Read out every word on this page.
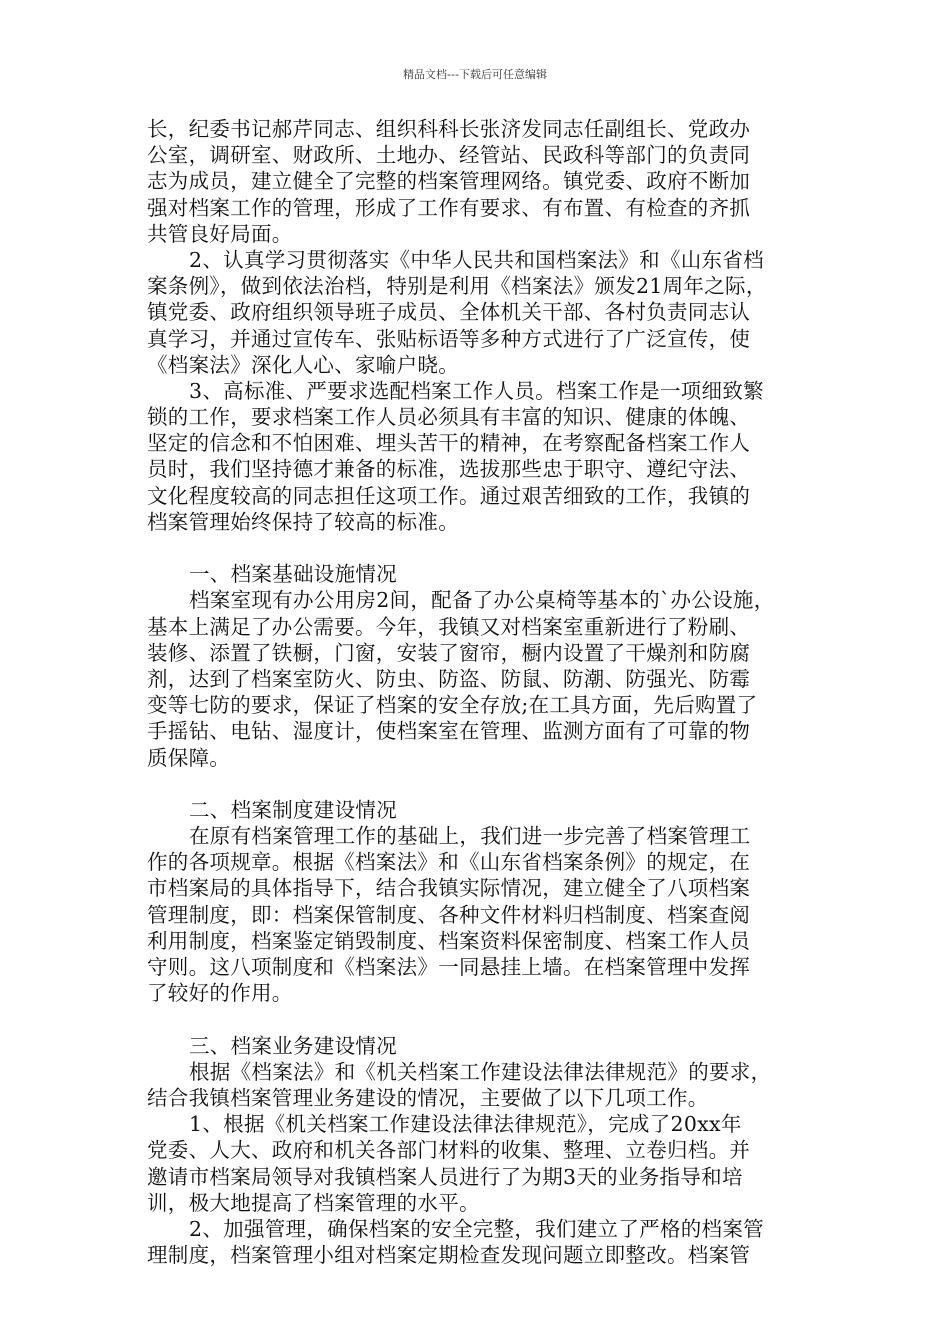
精品文档---下载后可任意编辑
长，纪委书记郝芹同志、组织科科长张济发同志任副组长、党政办
公室，调研室、财政所、土地办、经管站、民政科等部门的负责同
志为成员，建立健全了完整的档案管理网络。镇党委、政府不断加
强对档案工作的管理，形成了工作有要求、有布置、有检查的齐抓
共管良好局面。
2、认真学习贯彻落实《中华人民共和国档案法》和《山东省档
案条例》，做到依法治档，特别是利用《档案法》颁发21周年之际，
镇党委、政府组织领导班子成员、全体机关干部、各村负责同志认
真学习，并通过宣传车、张贴标语等多种方式进行了广泛宣传，使
《档案法》深化人心、家喻户晓。
3、高标准、严要求选配档案工作人员。档案工作是一项细致繁
锁的工作，要求档案工作人员必须具有丰富的知识、健康的体魄、
坚定的信念和不怕困难、埋头苦干的精神，在考察配备档案工作人
员时，我们坚持德才兼备的标准，选拔那些忠于职守、遵纪守法、
文化程度较高的同志担任这项工作。通过艰苦细致的工作，我镇的
档案管理始终保持了较高的标准。
一、档案基础设施情况
档案室现有办公用房2间，配备了办公桌椅等基本的`办公设施，
基本上满足了办公需要。今年，我镇又对档案室重新进行了粉刷、
装修、添置了铁橱，门窗，安装了窗帘，橱内设置了干燥剂和防腐
剂，达到了档案室防火、防虫、防盗、防鼠、防潮、防强光、防霉
变等七防的要求，保证了档案的安全存放;在工具方面，先后购置了
手摇钻、电钻、湿度计，使档案室在管理、监测方面有了可靠的物
质保障。
二、档案制度建设情况
在原有档案管理工作的基础上，我们进一步完善了档案管理工
作的各项规章。根据《档案法》和《山东省档案条例》的规定，在
市档案局的具体指导下，结合我镇实际情况，建立健全了八项档案
管理制度，即：档案保管制度、各种文件材料归档制度、档案查阅
利用制度，档案鉴定销毁制度、档案资料保密制度、档案工作人员
守则。这八项制度和《档案法》一同悬挂上墙。在档案管理中发挥
了较好的作用。
三、档案业务建设情况
根据《档案法》和《机关档案工作建设法律法律规范》的要求，
结合我镇档案管理业务建设的情况，主要做了以下几项工作。
1、根据《机关档案工作建设法律法律规范》，完成了20xx年
党委、人大、政府和机关各部门材料的收集、整理、立卷归档。并
邀请市档案局领导对我镇档案人员进行了为期3天的业务指导和培
训，极大地提高了档案管理的水平。
2、加强管理，确保档案的安全完整，我们建立了严格的档案管
理制度，档案管理小组对档案定期检查发现问题立即整改。档案管
